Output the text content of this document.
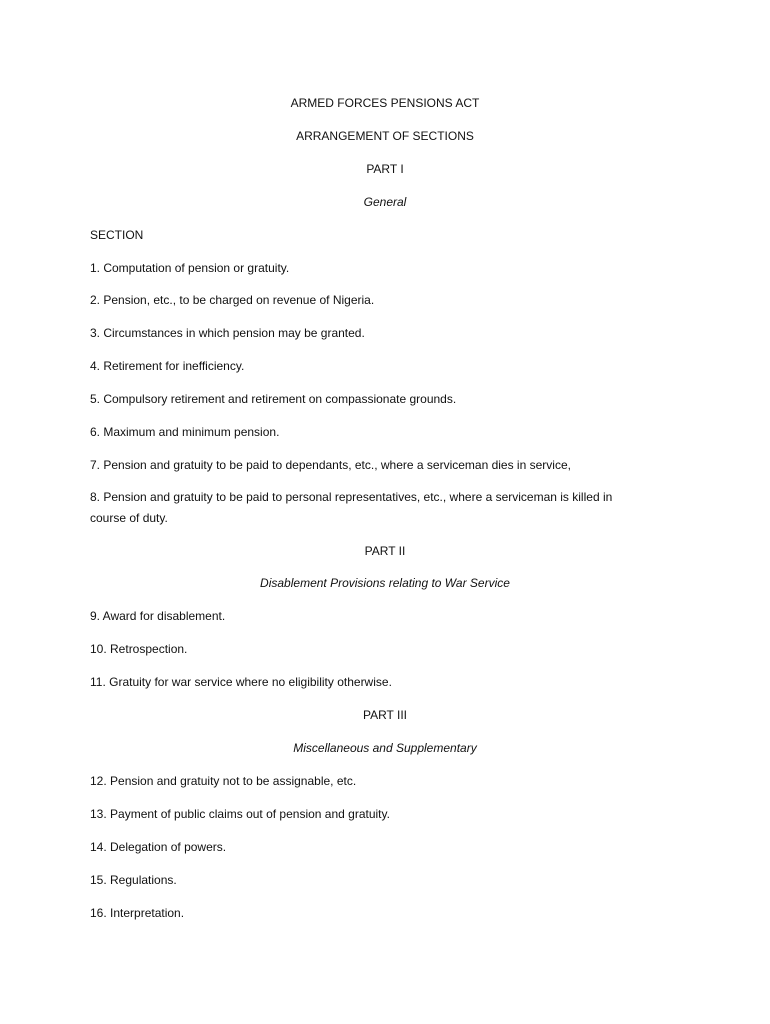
ARMED FORCES PENSIONS ACT
ARRANGEMENT OF SECTIONS
PART I
General
SECTION
1. Computation of pension or gratuity.
2. Pension, etc., to be charged on revenue of Nigeria.
3. Circumstances in which pension may be granted.
4. Retirement for inefficiency.
5. Compulsory retirement and retirement on compassionate grounds.
6. Maximum and minimum pension.
7. Pension and gratuity to be paid to dependants, etc., where a serviceman dies in service,
8. Pension and gratuity to be paid to personal representatives, etc., where a serviceman is killed in course of duty.
PART II
Disablement Provisions relating to War Service
9. Award for disablement.
10. Retrospection.
11. Gratuity for war service where no eligibility otherwise.
PART III
Miscellaneous and Supplementary
12. Pension and gratuity not to be assignable, etc.
13. Payment of public claims out of pension and gratuity.
14. Delegation of powers.
15. Regulations.
16. Interpretation.
